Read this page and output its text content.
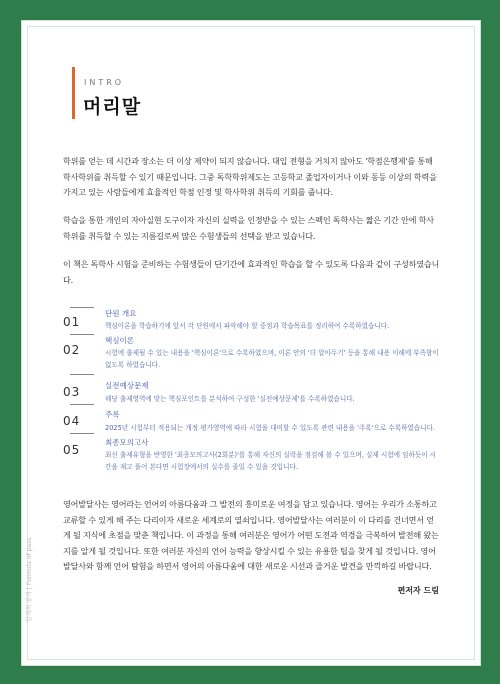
INTRO
머리말
학위를 얻는 데 시간과 장소는 더 이상 제약이 되지 않습니다. 대입 전형을 거치지 않아도 '학점은행제'를 통해 학사학위를 취득할 수 있기 때문입니다. 그중 독학학위제도는 고등학교 졸업자이거나 이와 동등 이상의 학력을 가지고 있는 사람들에게 효율적인 학점 인정 및 학사학위 취득의 기회를 줍니다.
학습을 통한 개인의 자아실현 도구이자 자신의 실력을 인정받을 수 있는 스펙인 독학사는 짧은 기간 안에 학사학위를 취득할 수 있는 지름길로써 많은 수험생들의 선택을 받고 있습니다.
이 책은 독학사 시험을 준비하는 수험생들이 단기간에 효과적인 학습을 할 수 있도록 다음과 같이 구성하였습니다.
01
단원 개요
핵심이론을 학습하기에 앞서 각 단원에서 파악해야 할 중점과 학습목표를 정리하여 수록하였습니다.
02
핵심이론
시험에 출제될 수 있는 내용을 '핵심이론'으로 수록하였으며, 이론 안의 '더 알아두기' 등을 통해 내용 이해에 부족함이 없도록 하였습니다.
03	실전예상문제
해당 출제영역에 맞는 핵심포인트를 분석하여 구성한 '실전예상문제'를 수록하였습니다.
04	주록
2025년 시험부터 적용되는 개정 평가영역에 따라 시험을 대비할 수 있도록 관련 내용을 '주록'으로 수록하였습니다.
05
최종모의고사
최신 출제유형을 반영한 '최종모의고사(2회분)'를 통해 자신의 실력을 점검해 볼 수 있으며, 실제 시험에 임하듯이 시간을 재고 풀어 본다면 시험장에서의 실수를 줄일 수 있을 것입니다.
영어발달사는 영어라는 언어의 아름다움과 그 발전의 흥미로운 여정을 담고 있습니다. 영어는 우리가 소통하고 교류할 수 있게 해 주는 다리이자 새로운 세계로의 열쇠입니다. 영어발달사는 여러분이 이 다리를 건너면서 얻게 될 지식에 초점을 맞춘 책입니다. 이 과정을 통해 여러분은 영어가 어떤 도전과 역경을 극복하여 발전해 왔는지를 알게 될 것입니다. 또한 여러분 자신의 언어 능력을 향상시킬 수 있는 유용한 팁을 찾게 될 것입니다. 영어 발달사와 함께 언어 탐험을 하면서 영어의 아름다움에 대한 새로운 시선과 즐거운 발견을 만끽하길 바랍니다.
편저자 드림
합격의 공식 | Formula of pass
